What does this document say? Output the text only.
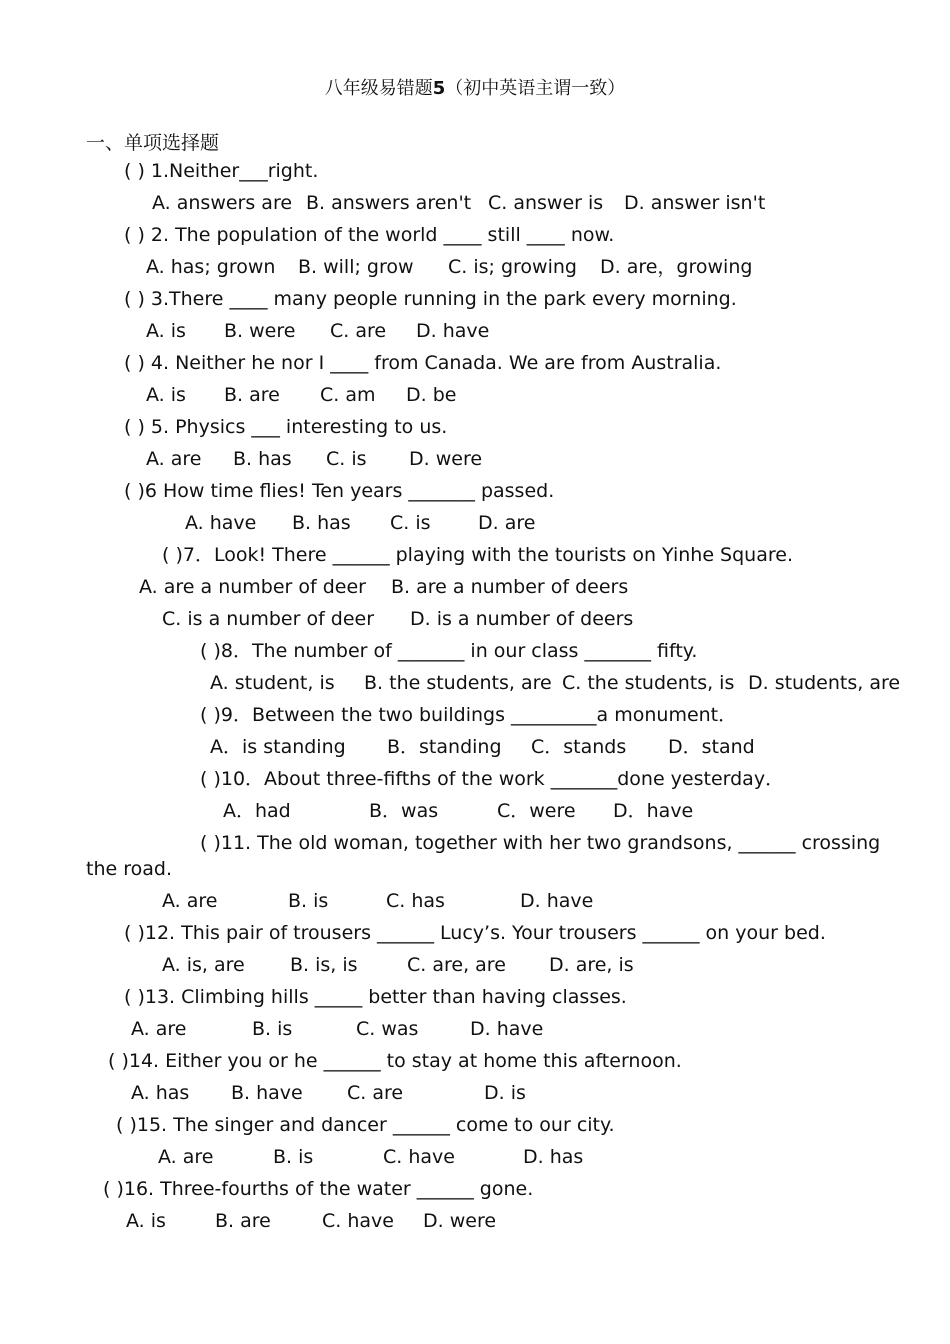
八年级易错题5（初中英语主谓一致）
一、单项选择题
( ) 1.Neither___right.
A. answers are B. answers aren't C. answer is D. answer isn't
( ) 2. The population of the world ____ still ____ now.
A. has; grown B. will; grow C. is; growing D. are，growing
( ) 3.There ____ many people running in the park every morning.
A. is B. were C. are D. have
( ) 4. Neither he nor I ____ from Canada. We are from Australia.
A. is B. are C. am D. be
( ) 5. Physics ___ interesting to us.
A. are B. has C. is D. were
( )6 How time flies! Ten years _______ passed.
A. have B. has C. is D. are
( )7．Look! There ______ playing with the tourists on Yinhe Square.
A. are a number of deer B. are a number of deers
C. is a number of deer D. is a number of deers
( )8．The number of _______ in our class _______ fifty.
A. student, is B. the students, are C. the students, is D. students, are
( )9．Between the two buildings _________a monument．
A．is standing B．standing C．stands D．stand
( )10．About three-fifths of the work _______done yesterday．
A．had	B．was	C．were D．have
( )11. The old woman, together with her two grandsons, ______ crossing
the road.
A. are	B. is	C. has	D. have
( )12. This pair of trousers ______ Lucy’s. Your trousers ______ on your bed.
A. is, are B. is, is	C. are, are D. are, is
( )13. Climbing hills _____ better than having classes.
A. are	B. is	C. was	D. have
( )14. Either you or he ______ to stay at home this afternoon.
A. has B. have C. are	D. is
( )15. The singer and dancer ______ come to our city.
A. are	B. is	C. have	D. has
( )16. Three-fourths of the water ______ gone.
A. is	B. are	C. have D. were
